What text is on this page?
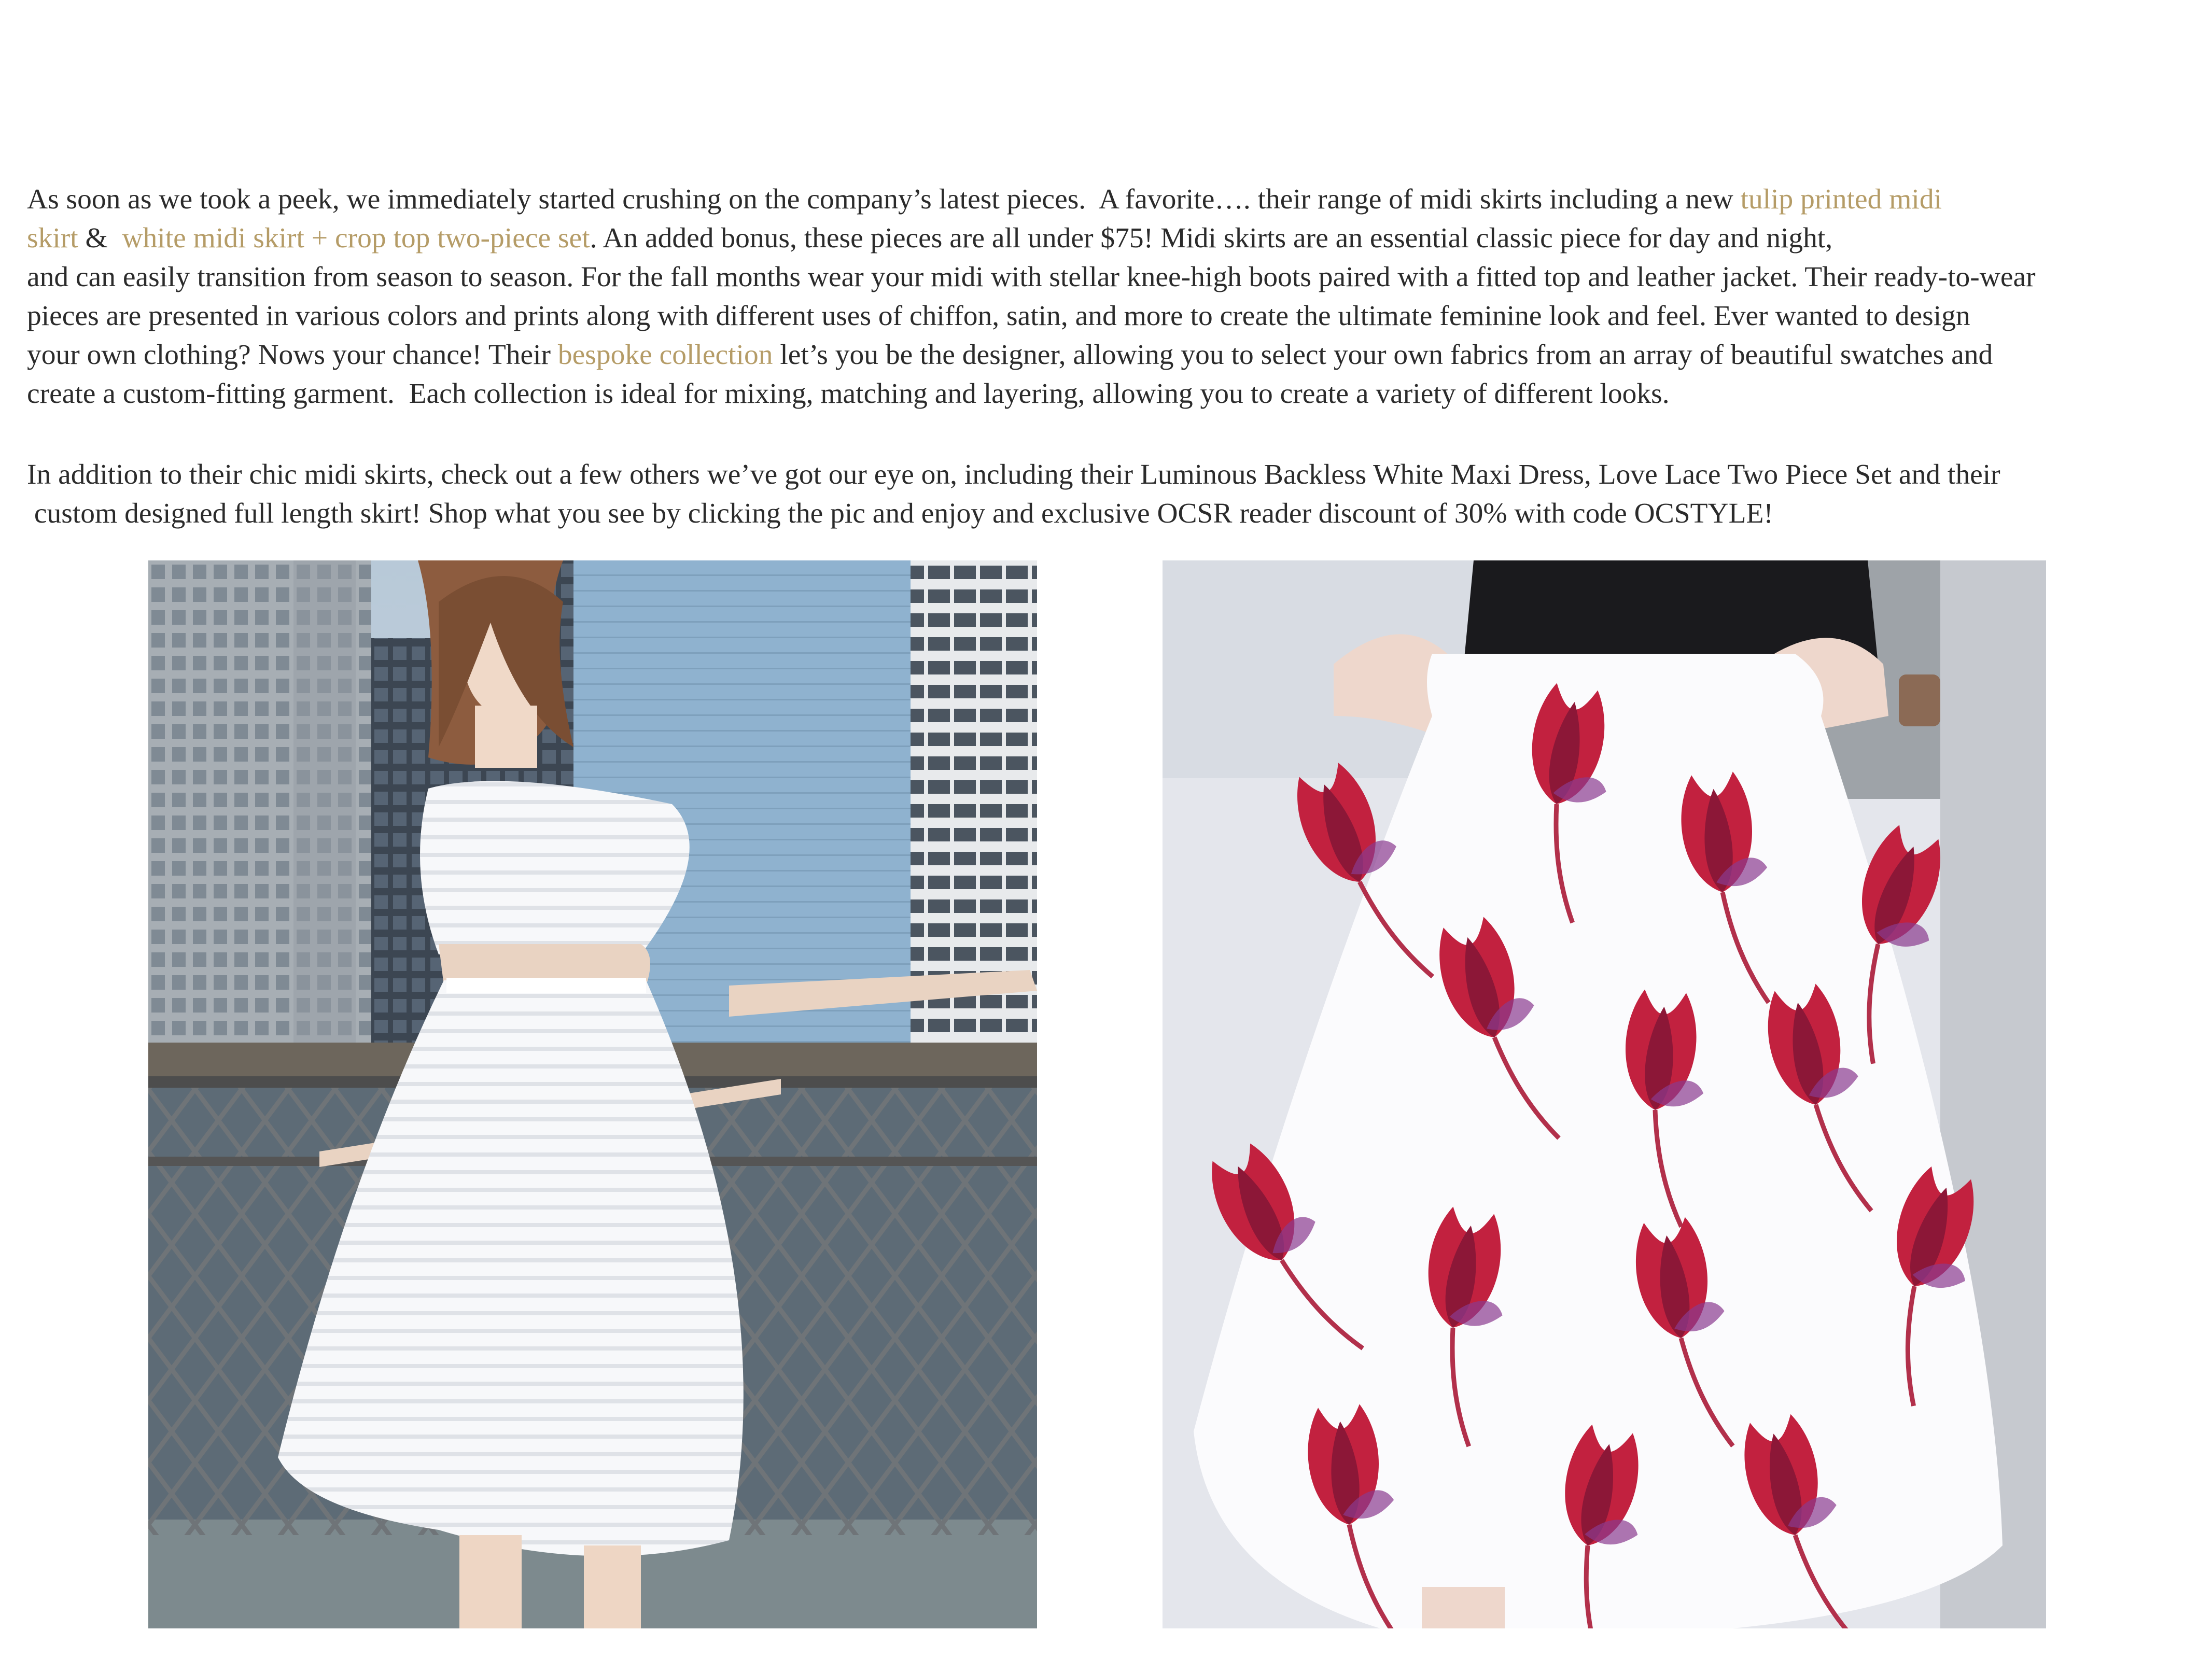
As soon as we took a peek, we immediately started crushing on the company’s latest pieces.  A favorite…. their range of midi skirts including a new tulip printed midi
skirt &  white midi skirt + crop top two-piece set. An added bonus, these pieces are all under $75! Midi skirts are an essential classic piece for day and night,
and can easily transition from season to season. For the fall months wear your midi with stellar knee-high boots paired with a fitted top and leather jacket. Their ready-to-wear
pieces are presented in various colors and prints along with different uses of chiffon, satin, and more to create the ultimate feminine look and feel. Ever wanted to design
your own clothing? Nows your chance! Their bespoke collection let’s you be the designer, allowing you to select your own fabrics from an array of beautiful swatches and
create a custom-fitting garment.  Each collection is ideal for mixing, matching and layering, allowing you to create a variety of different looks.
In addition to their chic midi skirts, check out a few others we’ve got our eye on, including their Luminous Backless White Maxi Dress, Love Lace Two Piece Set and their
custom designed full length skirt! Shop what you see by clicking the pic and enjoy and exclusive OCSR reader discount of 30% with code OCSTYLE!
